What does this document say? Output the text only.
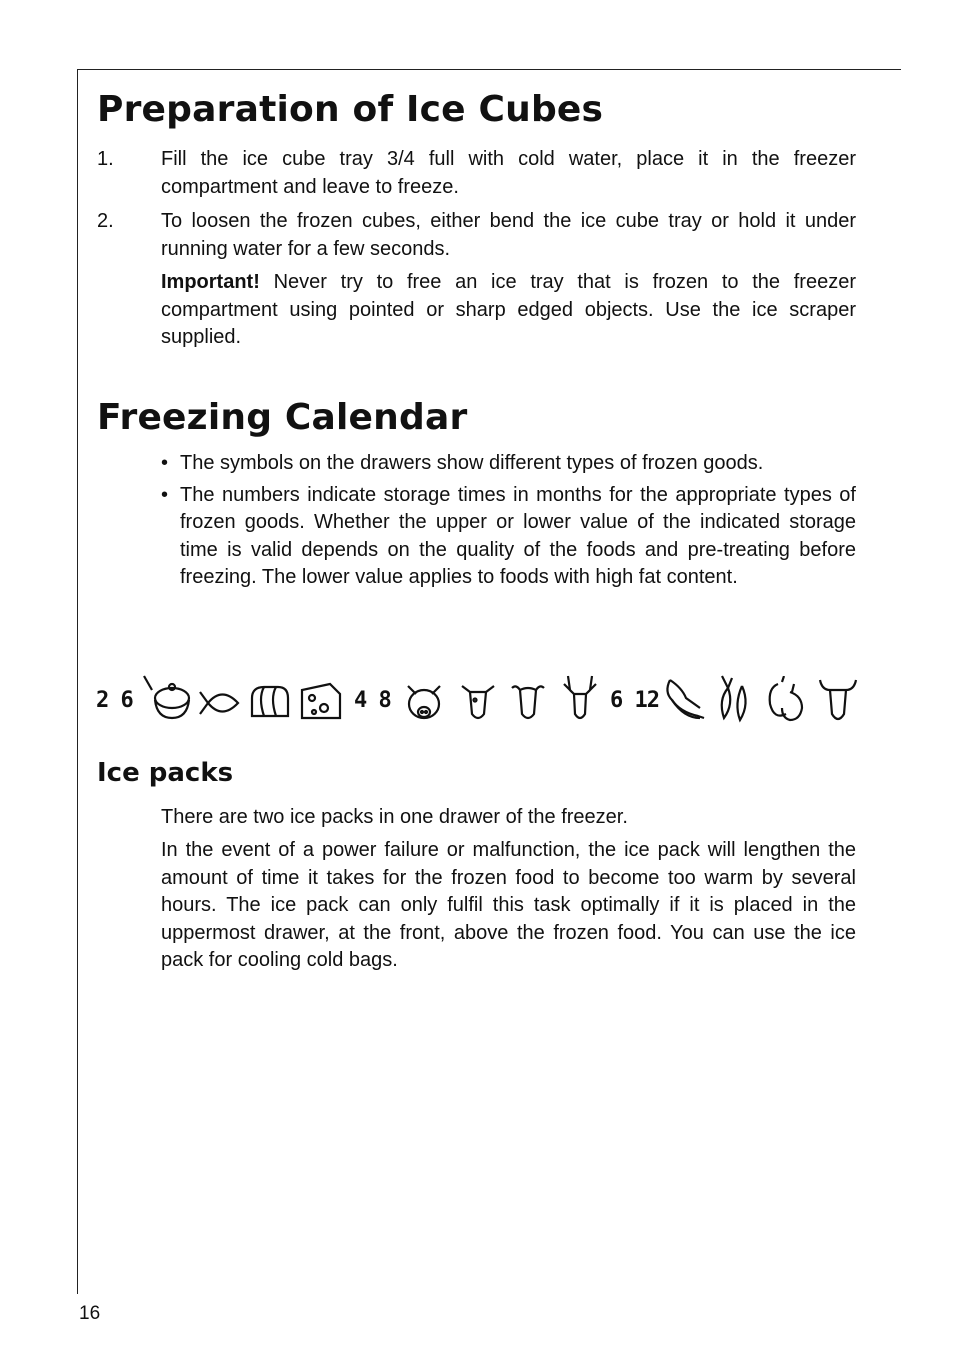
Preparation of Ice Cubes
1. Fill the ice cube tray 3/4 full with cold water, place it in the freezer compartment and leave to freeze.
2. To loosen the frozen cubes, either bend the ice cube tray or hold it under running water for a few seconds.
Important! Never try to free an ice tray that is frozen to the freezer compartment using pointed or sharp edged objects. Use the ice scraper supplied.
Freezing Calendar
• The symbols on the drawers show different types of frozen goods.
• The numbers indicate storage times in months for the appropriate types of frozen goods. Whether the upper or lower value of the indicated storage time is valid depends on the quality of the foods and pre-treating before freezing. The lower value applies to foods with high fat content.
2 6	4 8	6 12
Ice packs
There are two ice packs in one drawer of the freezer.
In the event of a power failure or malfunction, the ice pack will lengthen the amount of time it takes for the frozen food to become too warm by several hours. The ice pack can only fulfil this task optimally if it is placed in the uppermost drawer, at the front, above the frozen food. You can use the ice pack for cooling cold bags.
16
